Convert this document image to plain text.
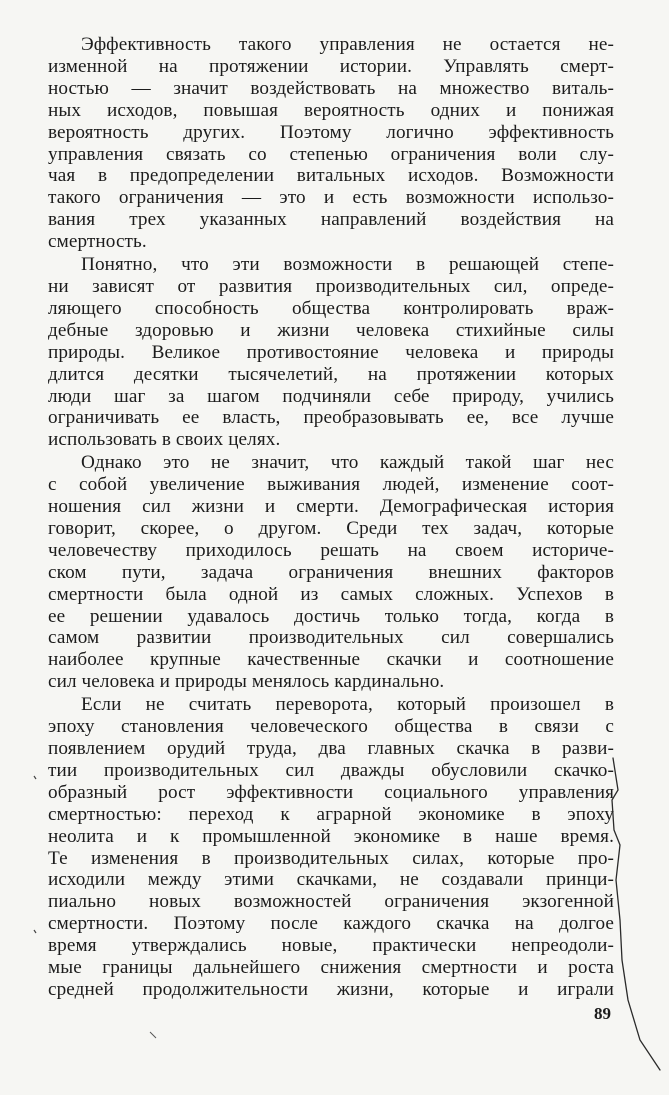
Эффективность такого управления не остается не-
изменной на протяжении истории. Управлять смерт-
ностью — значит воздействовать на множество виталь-
ных исходов, повышая вероятность одних и понижая
вероятность других. Поэтому логично эффективность
управления связать со степенью ограничения воли слу-
чая в предопределении витальных исходов. Возможности
такого ограничения — это и есть возможности использо-
вания трех указанных направлений воздействия на
смертность.
Понятно, что эти возможности в решающей степе-
ни зависят от развития производительных сил, опреде-
ляющего способность общества контролировать враж-
дебные здоровью и жизни человека стихийные силы
природы. Великое противостояние человека и природы
длится десятки тысячелетий, на протяжении которых
люди шаг за шагом подчиняли себе природу, учились
ограничивать ее власть, преобразовывать ее, все лучше
использовать в своих целях.
Однако это не значит, что каждый такой шаг нес
с собой увеличение выживания людей, изменение соот-
ношения сил жизни и смерти. Демографическая история
говорит, скорее, о другом. Среди тех задач, которые
человечеству приходилось решать на своем историче-
ском пути, задача ограничения внешних факторов
смертности была одной из самых сложных. Успехов в
ее решении удавалось достичь только тогда, когда в
самом развитии производительных сил совершались
наиболее крупные качественные скачки и соотношение
сил человека и природы менялось кардинально.
Если не считать переворота, который произошел в
эпоху становления человеческого общества в связи с
появлением орудий труда, два главных скачка в разви-
тии производительных сил дважды обусловили скачко-
образный рост эффективности социального управления
смертностью: переход к аграрной экономике в эпоху
неолита и к промышленной экономике в наше время.
Те изменения в производительных силах, которые про-
исходили между этими скачками, не создавали принци-
пиально новых возможностей ограничения экзогенной
смертности. Поэтому после каждого скачка на долгое
время утверждались новые, практически непреодоли-
мые границы дальнейшего снижения смертности и роста
средней продолжительности жизни, которые и играли
89
